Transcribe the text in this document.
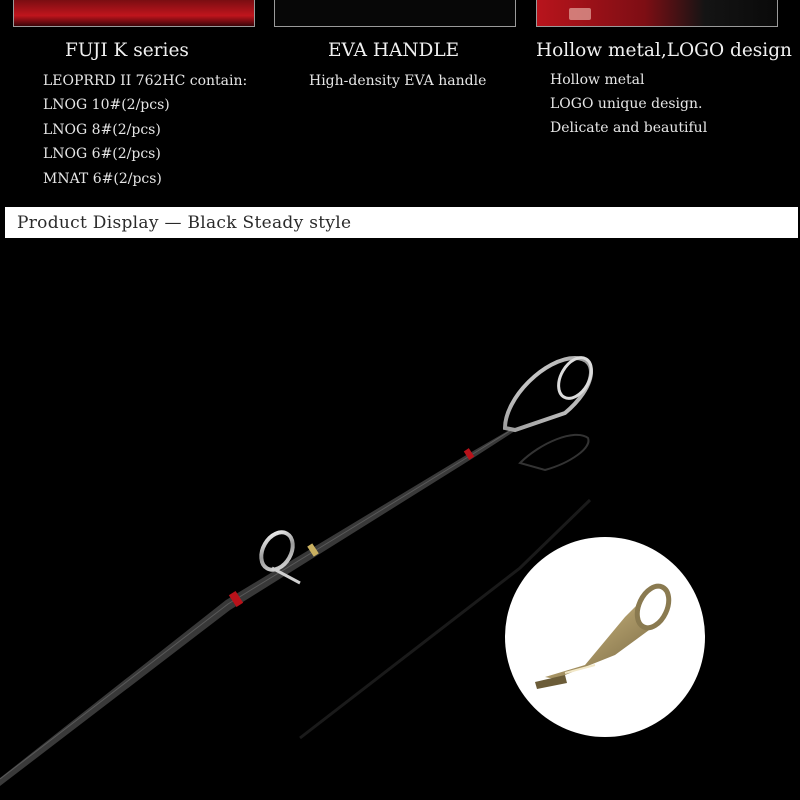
FUJI K series
LEOPRRD II 762HC contain:
LNOG 10#(2/pcs)
LNOG 8#(2/pcs)
LNOG 6#(2/pcs)
MNAT 6#(2/pcs)
EVA HANDLE
High-density EVA handle
Hollow metal,LOGO design
Hollow metal
LOGO unique design.
Delicate and beautiful
Product Display — Black Steady style
